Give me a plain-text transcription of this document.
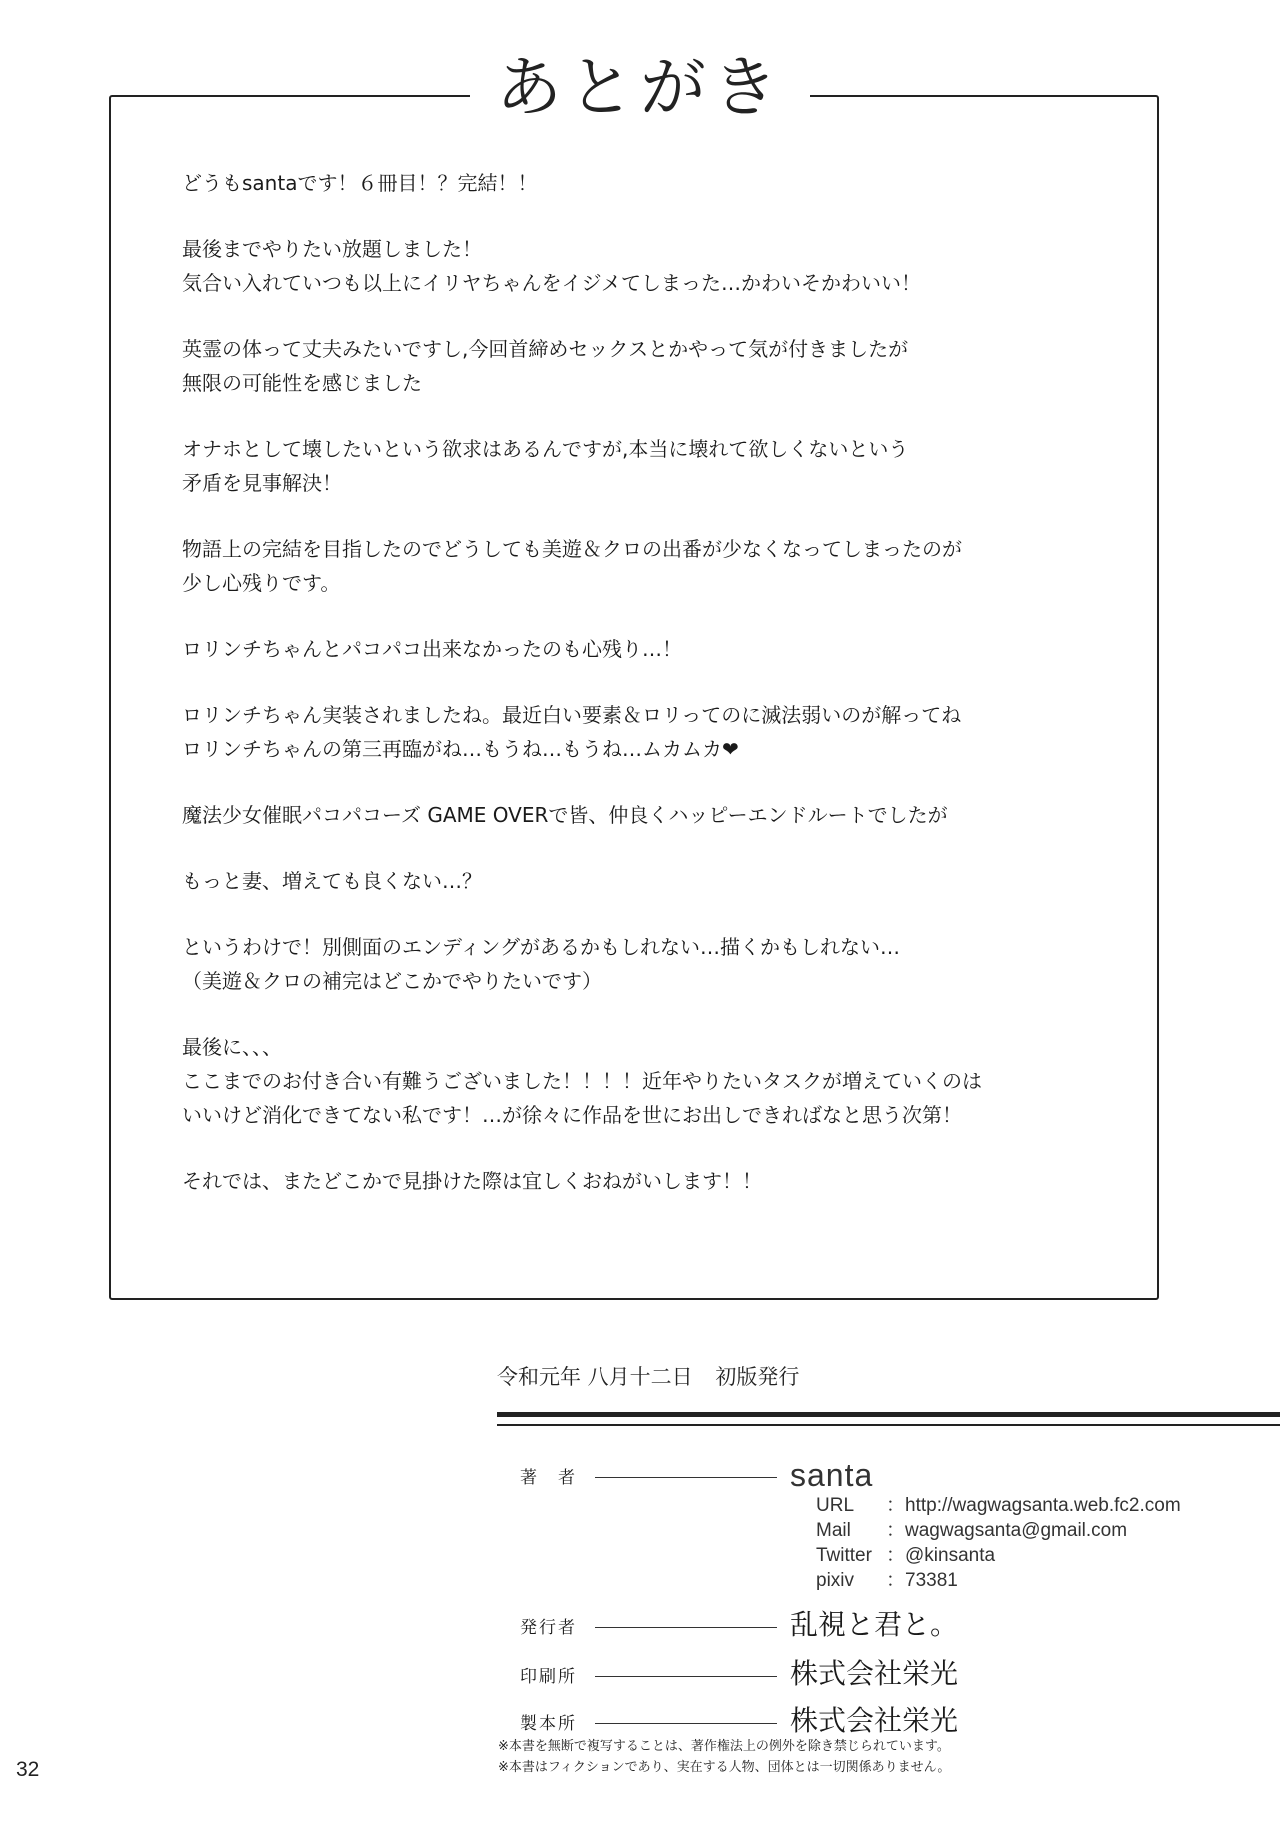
あとがき
どうもsantaです！６冊目！？完結！！
最後までやりたい放題しました！
気合い入れていつも以上にイリヤちゃんをイジメてしまった…かわいそかわいい！
英霊の体って丈夫みたいですし,今回首締めセックスとかやって気が付きましたが
無限の可能性を感じました
オナホとして壊したいという欲求はあるんですが,本当に壊れて欲しくないという
矛盾を見事解決！
物語上の完結を目指したのでどうしても美遊＆クロの出番が少なくなってしまったのが
少し心残りです。
ロリンチちゃんとパコパコ出来なかったのも心残り…！
ロリンチちゃん実装されましたね。最近白い要素＆ロリってのに滅法弱いのが解ってね
ロリンチちゃんの第三再臨がね…もうね…もうね…ムカムカ❤
魔法少女催眠パコパコーズ GAME OVERで皆、仲良くハッピーエンドルートでしたが
もっと妻、増えても良くない…？
というわけで！別側面のエンディングがあるかもしれない…描くかもしれない…
（美遊＆クロの補完はどこかでやりたいです）
最後に、、、
ここまでのお付き合い有難うございました！！！！近年やりたいタスクが増えていくのは
いいけど消化できてない私です！…が徐々に作品を世にお出しできればなと思う次第！
それでは、またどこかで見掛けた際は宜しくおねがいします！！
令和元年 八月十二日 初版発行
著　者	santa
URL	：http://wagwagsanta.web.fc2.com
Mail	：wagwagsanta@gmail.com
Twitter ：@kinsanta
pixiv	：73381
発行者	乱視と君と。
印刷所	株式会社栄光
製本所	株式会社栄光
※本書を無断で複写することは、著作権法上の例外を除き禁じられています。
※本書はフィクションであり、実在する人物、団体とは一切関係ありません。
32
